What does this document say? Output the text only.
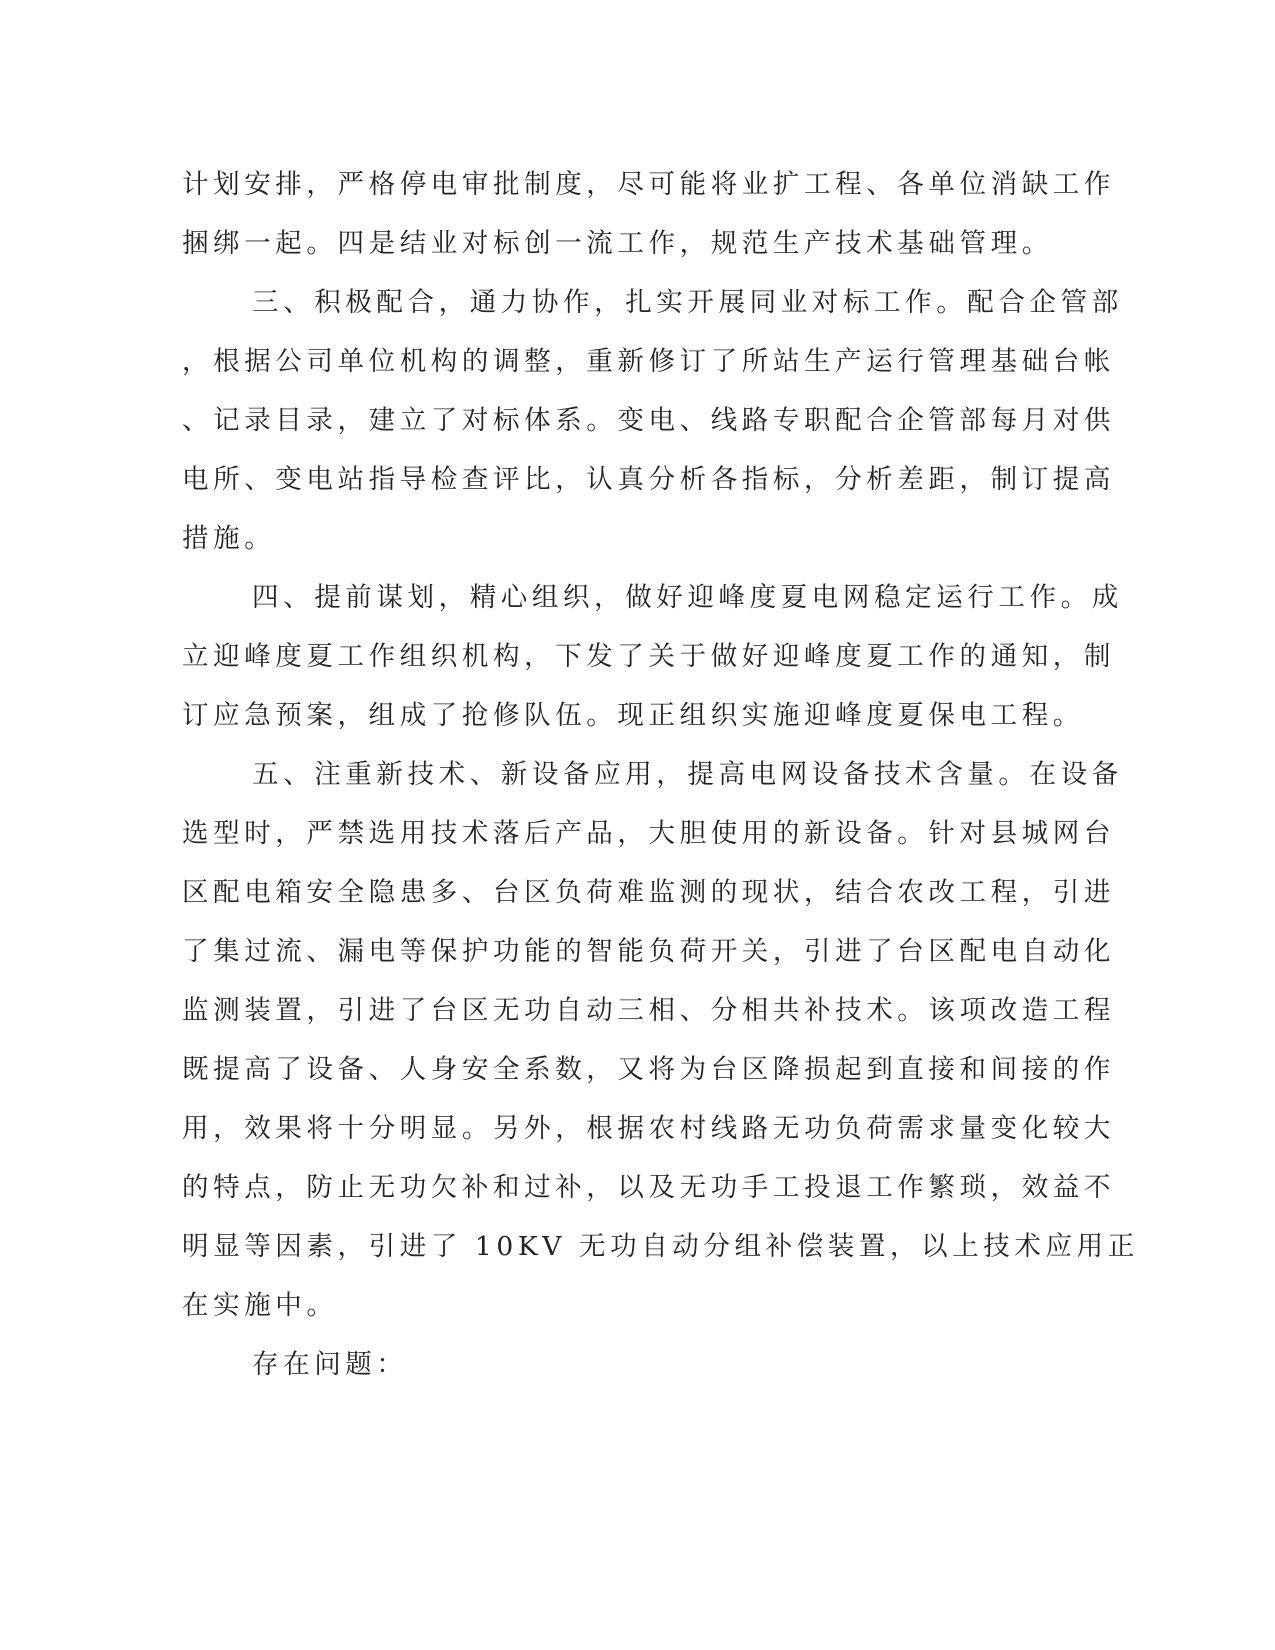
计划安排，严格停电审批制度，尽可能将业扩工程、各单位消缺工作
捆绑一起。四是结业对标创一流工作，规范生产技术基础管理。
三、积极配合，通力协作，扎实开展同业对标工作。配合企管部
，根据公司单位机构的调整，重新修订了所站生产运行管理基础台帐
、记录目录，建立了对标体系。变电、线路专职配合企管部每月对供
电所、变电站指导检查评比，认真分析各指标，分析差距，制订提高
措施。
四、提前谋划，精心组织，做好迎峰度夏电网稳定运行工作。成
立迎峰度夏工作组织机构，下发了关于做好迎峰度夏工作的通知，制
订应急预案，组成了抢修队伍。现正组织实施迎峰度夏保电工程。
五、注重新技术、新设备应用，提高电网设备技术含量。在设备
选型时，严禁选用技术落后产品，大胆使用的新设备。针对县城网台
区配电箱安全隐患多、台区负荷难监测的现状，结合农改工程，引进
了集过流、漏电等保护功能的智能负荷开关，引进了台区配电自动化
监测装置，引进了台区无功自动三相、分相共补技术。该项改造工程
既提高了设备、人身安全系数，又将为台区降损起到直接和间接的作
用，效果将十分明显。另外，根据农村线路无功负荷需求量变化较大
的特点，防止无功欠补和过补，以及无功手工投退工作繁琐，效益不
明显等因素，引进了 10KV 无功自动分组补偿装置，以上技术应用正
在实施中。
存在问题：
